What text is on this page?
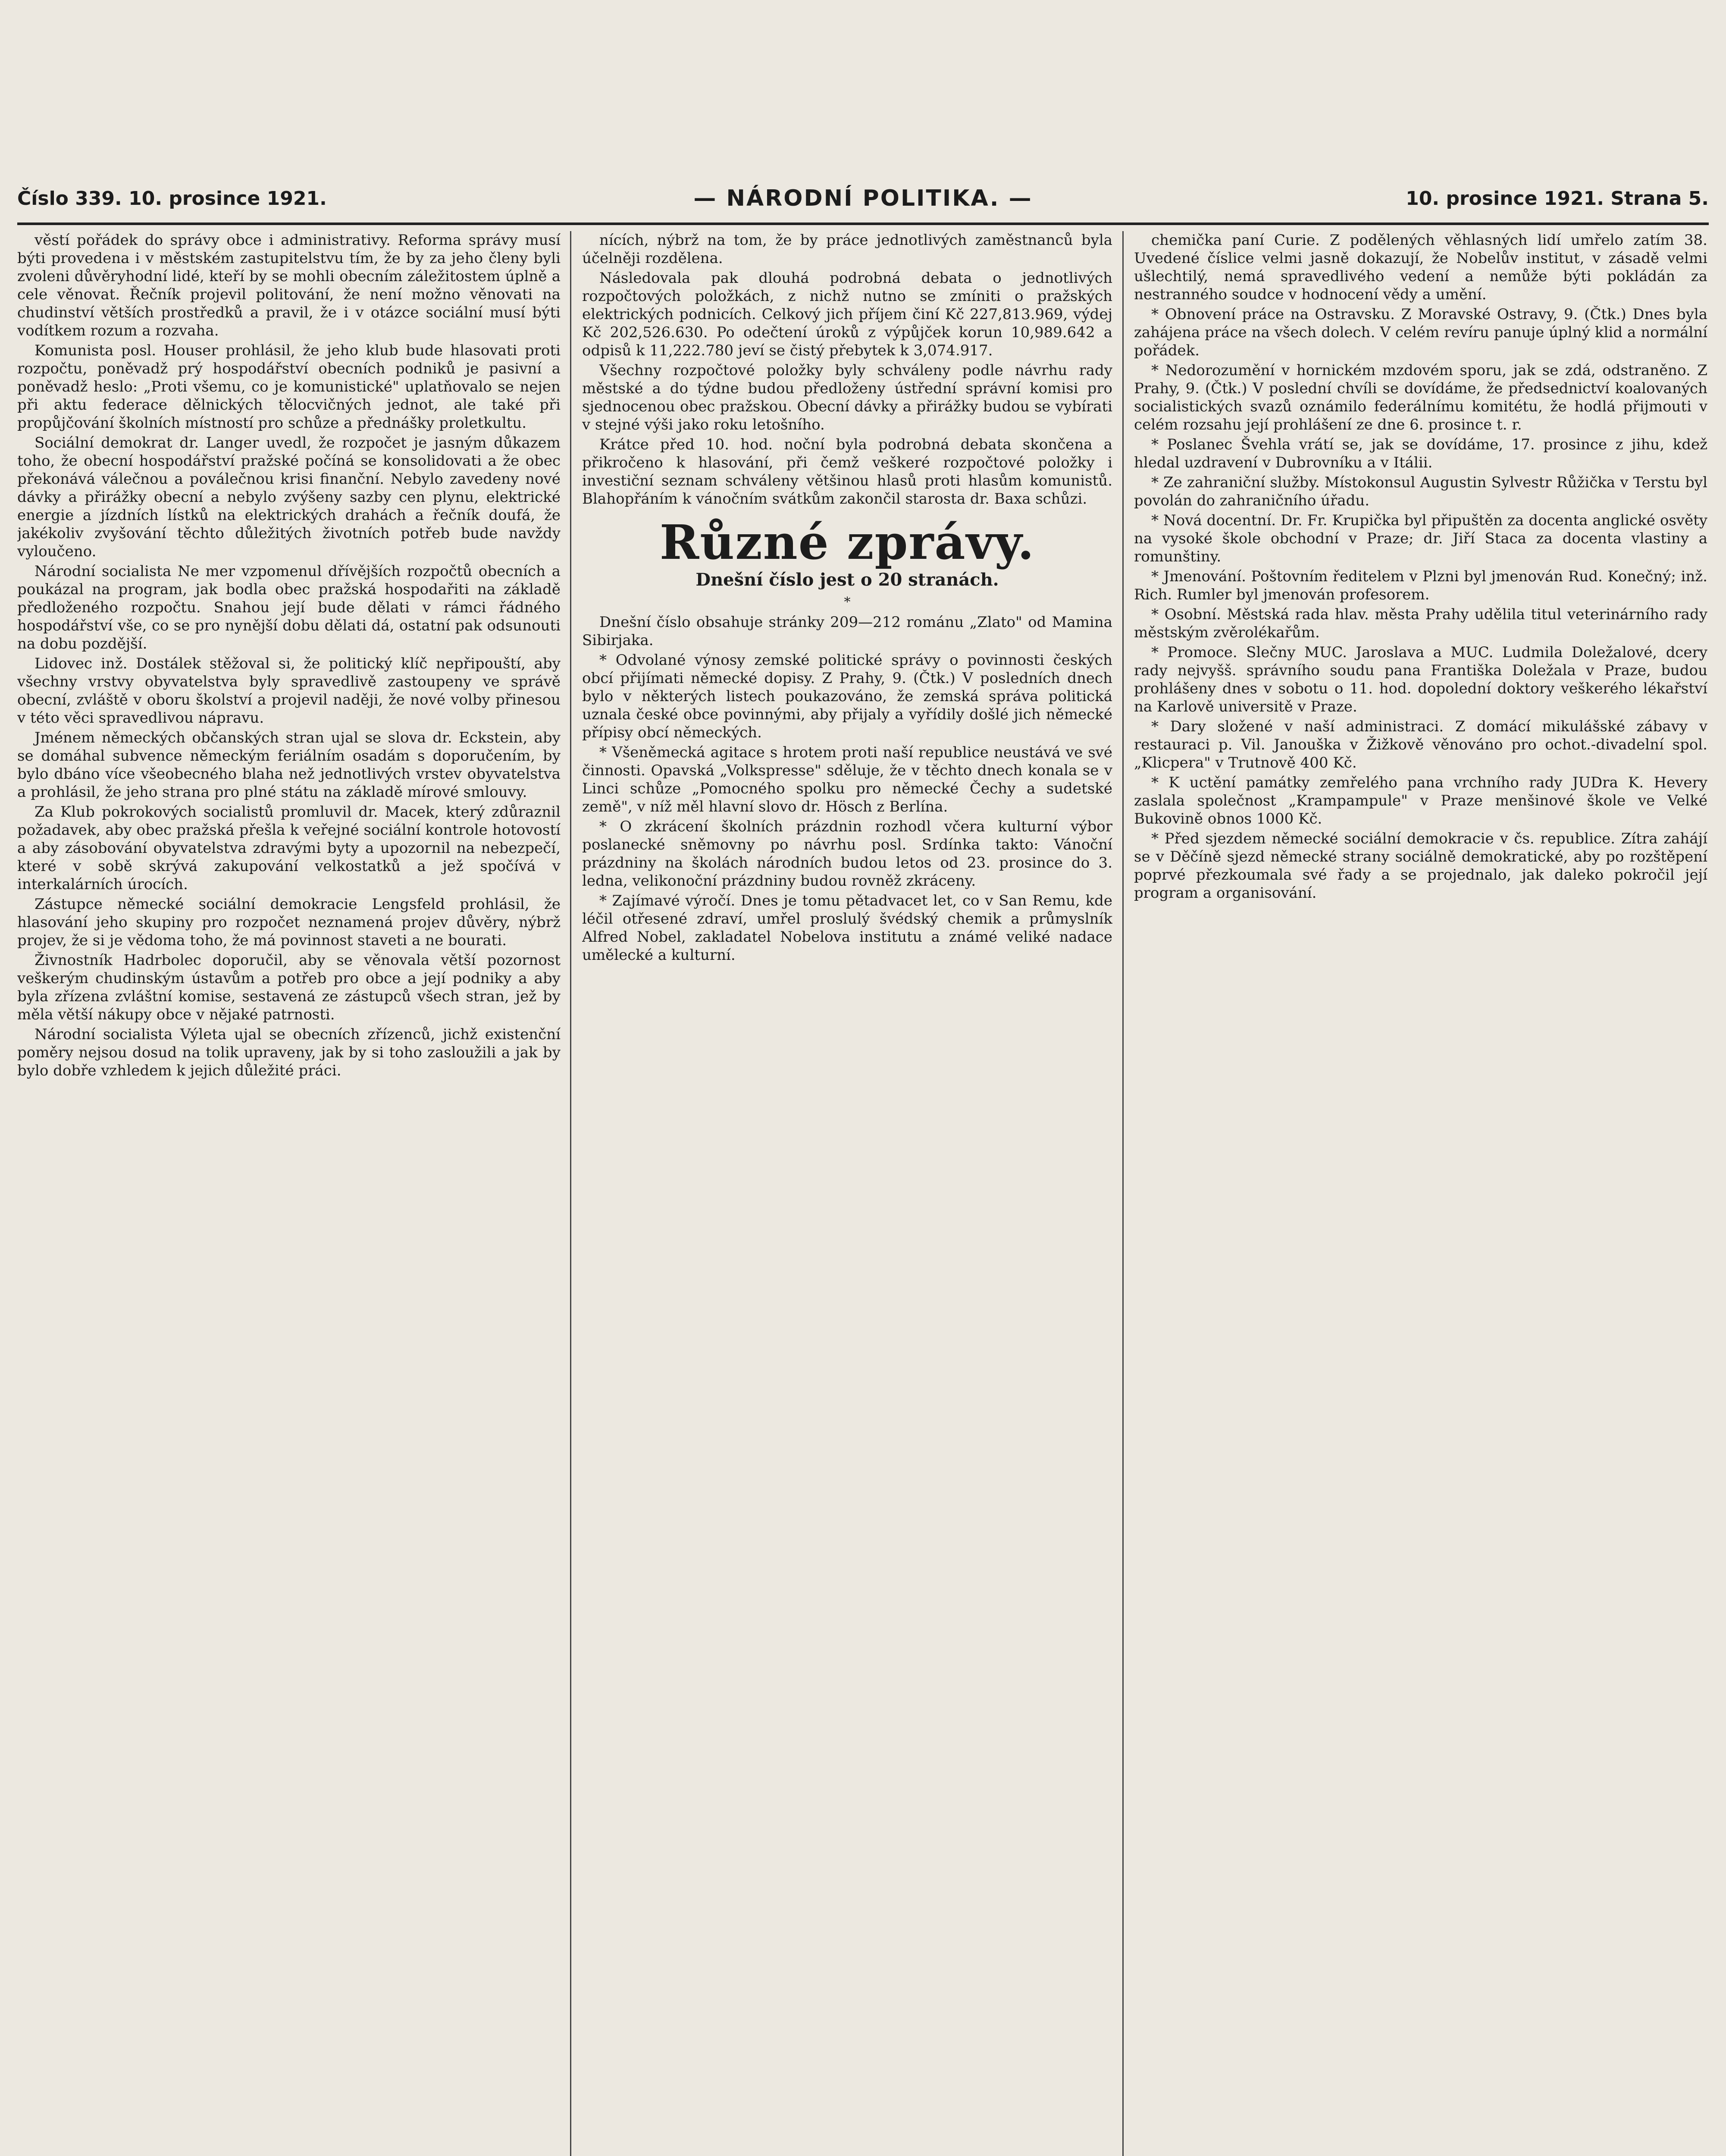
Číslo 339. 10. prosince 1921.	— NÁRODNÍ POLITIKA. —	10. prosince 1921. Strana 5.

věstí pořádek do správy obce i administrativy. Reforma správy musí býti provedena i v městském zastupitelstvu tím, že by za jeho členy byli zvoleni důvěryhodní lidé, kteří by se mohli obecním záležitostem úplně a cele věnovat. Řečník projevil politování, že není možno věnovati na chudinství větších prostředků a pravil, že i v otázce sociální musí býti vodítkem rozum a rozvaha.

Komunista posl. Houser prohlásil, že jeho klub bude hlasovati proti rozpočtu, poněvadž prý hospodářství obecních podniků je pasivní a poněvadž heslo: „Proti všemu, co je komunistické" uplatňovalo se nejen při aktu federace dělnických tělocvičných jednot, ale také při propůjčování školních místností pro schůze a přednášky proletkultu.

Sociální demokrat dr. Langer uvedl, že rozpočet je jasným důkazem toho, že obecní hospodářství pražské počíná se konsolidovati a že obec překonává válečnou a poválečnou krisi finanční. Nebylo zavedeny nové dávky a přirážky obecní a nebylo zvýšeny sazby cen plynu, elektrické energie a jízdních lístků na elektrických drahách a řečník doufá, že jakékoliv zvyšování těchto důležitých životních potřeb bude navždy vyloučeno.

Národní socialista Ne mer vzpomenul dřívějších rozpočtů obecních a poukázal na program, jak bodla obec pražská hospodařiti na základě předloženého rozpočtu. Snahou její bude dělati v rámci řádného hospodářství vše, co se pro nynější dobu dělati dá, ostatní pak odsunouti na dobu pozdější.

Lidovec inž. Dostálek stěžoval si, že politický klíč nepřipouští, aby všechny vrstvy obyvatelstva byly spravedlivě zastoupeny ve správě obecní, zvláště v oboru školství a projevil naději, že nové volby přinesou v této věci spravedlivou nápravu.

Jménem německých občanských stran ujal se slova dr. Eckstein, aby se domáhal subvence německým feriálním osadám s doporučením, by bylo dbáno více všeobecného blaha než jednotlivých vrstev obyvatelstva a prohlásil, že jeho strana pro plné státu na základě mírové smlouvy.

Za Klub pokrokových socialistů promluvil dr. Macek, který zdůraznil požadavek, aby obec pražská přešla k veřejné sociální kontrole hotovostí a aby zásobování obyvatelstva zdravými byty a upozornil na nebezpečí, které v sobě skrývá zakupování velkostatků a jež spočívá v interkalárních úrocích.

Zástupce německé sociální demokracie Lengsfeld prohlásil, že hlasování jeho skupiny pro rozpočet neznamená projev důvěry, nýbrž projev, že si je vědoma toho, že má povinnost staveti a ne bourati.

Živnostník Hadrbolec doporučil, aby se věnovala větší pozornost veškerým chudinským ústavům a potřeb pro obce a její podniky a aby byla zřízena zvláštní komise, sestavená ze zástupců všech stran, jež by měla větší nákupy obce v nějaké patrnosti.

Národní socialista Výleta ujal se obecních zřízenců, jichž existenční poměry nejsou dosud na tolik upraveny, jak by si toho zasloužili a jak by bylo dobře vzhledem k jejich důležité práci.

nících, nýbrž na tom, že by práce jednotlivých zaměstnanců byla účelněji rozdělena.

Následovala pak dlouhá podrobná debata o jednotlivých rozpočtových položkách, z nichž nutno se zmíniti o pražských elektrických podnicích. Celkový jich příjem činí Kč 227,813.969, výdej Kč 202,526.630. Po odečtení úroků z výpůjček korun 10,989.642 a odpisů k 11,222.780 jeví se čistý přebytek k 3,074.917.

Všechny rozpočtové položky byly schváleny podle návrhu rady městské a do týdne budou předloženy ústřední správní komisi pro sjednocenou obec pražskou. Obecní dávky a přirážky budou se vybírati v stejné výši jako roku letošního.

Krátce před 10. hod. noční byla podrobná debata skončena a přikročeno k hlasování, při čemž veškeré rozpočtové položky i investiční seznam schváleny většinou hlasů proti hlasům komunistů. Blahopřáním k vánočním svátkům zakončil starosta dr. Baxa schůzi.

Různé zprávy.
Dnešní číslo jest o 20 stranách.
*

Dnešní číslo obsahuje stránky 209—212 románu „Zlato" od Mamina Sibirjaka.

* Odvolané výnosy zemské politické správy o povinnosti českých obcí přijímati německé dopisy. Z Prahy, 9. (Čtk.) V posledních dnech bylo v některých listech poukazováno, že zemská správa politická uznala české obce povinnými, aby přijaly a vyřídily došlé jich německé přípisy obcí německých.

* Všeněmecká agitace s hrotem proti naší republice neustává ve své činnosti. Opavská „Volkspresse" sděluje, že v těchto dnech konala se v Linci schůze „Pomocného spolku pro německé Čechy a sudetské země", v níž měl hlavní slovo dr. Hösch z Berlína.

* O zkrácení školních prázdnin rozhodl včera kulturní výbor poslanecké sněmovny po návrhu posl. Srdínka takto: Vánoční prázdniny na školách národních budou letos od 23. prosince do 3. ledna, velikonoční prázdniny budou rovněž zkráceny.

* Zajímavé výročí. Dnes je tomu pětadvacet let, co v San Remu, kde léčil otřesené zdraví, umřel proslulý švédský chemik a průmyslník Alfred Nobel, zakladatel Nobelova institutu a známé veliké nadace umělecké a kulturní.

chemička paní Curie. Z podělených věhlasných lidí umřelo zatím 38. Uvedené číslice velmi jasně dokazují, že Nobelův institut, v zásadě velmi ušlechtilý, nemá spravedlivého vedení a nemůže býti pokládán za nestranného soudce v hodnocení vědy a umění.

* Obnovení práce na Ostravsku. Z Moravské Ostravy, 9. (Čtk.) Dnes byla zahájena práce na všech dolech. V celém revíru panuje úplný klid a normální pořádek.

* Nedorozumění v hornickém mzdovém sporu, jak se zdá, odstraněno. Z Prahy, 9. (Čtk.) V poslední chvíli se dovídáme, že předsednictví koalovaných socialistických svazů oznámilo federálnímu komitétu, že hodlá přijmouti v celém rozsahu její prohlášení ze dne 6. prosince t. r.

* Poslanec Švehla vrátí se, jak se dovídáme, 17. prosince z jihu, kdež hledal uzdravení v Dubrovníku a v Itálii.

* Ze zahraniční služby. Místokonsul Augustin Sylvestr Růžička v Terstu byl povolán do zahraničního úřadu.

* Nová docentní. Dr. Fr. Krupička byl připuštěn za docenta anglické osvěty na vysoké škole obchodní v Praze; dr. Jiří Staca za docenta vlastiny a romunštiny.

* Jmenování. Poštovním ředitelem v Plzni byl jmenován Rud. Konečný; inž. Rich. Rumler byl jmenován profesorem.

* Osobní. Městská rada hlav. města Prahy udělila titul veterinárního rady městským zvěrolékařům.

* Promoce. Slečny MUC. Jaroslava a MUC. Ludmila Doležalové, dcery rady nejvyšš. správního soudu pana Františka Doležala v Praze, budou prohlášeny dnes v sobotu o 11. hod. dopolední doktory veškerého lékařství na Karlově universitě v Praze.

* Dary složené v naší administraci. Z domácí mikulášské zábavy v restauraci p. Vil. Janouška v Žižkově věnováno pro ochot.-divadelní spol. „Klicpera" v Trutnově 400 Kč.

* K uctění památky zemřelého pana vrchního rady JUDra K. Hevery zaslala společnost „Krampampule" v Praze menšinové škole ve Velké Bukovině obnos 1000 Kč.

* Před sjezdem německé sociální demokracie v čs. republice. Zítra zahájí se v Děčíně sjezd německé strany sociálně demokratické, aby po rozštěpení poprvé přezkoumala své řady a se projednalo, jak daleko pokročil její program a organisování.
